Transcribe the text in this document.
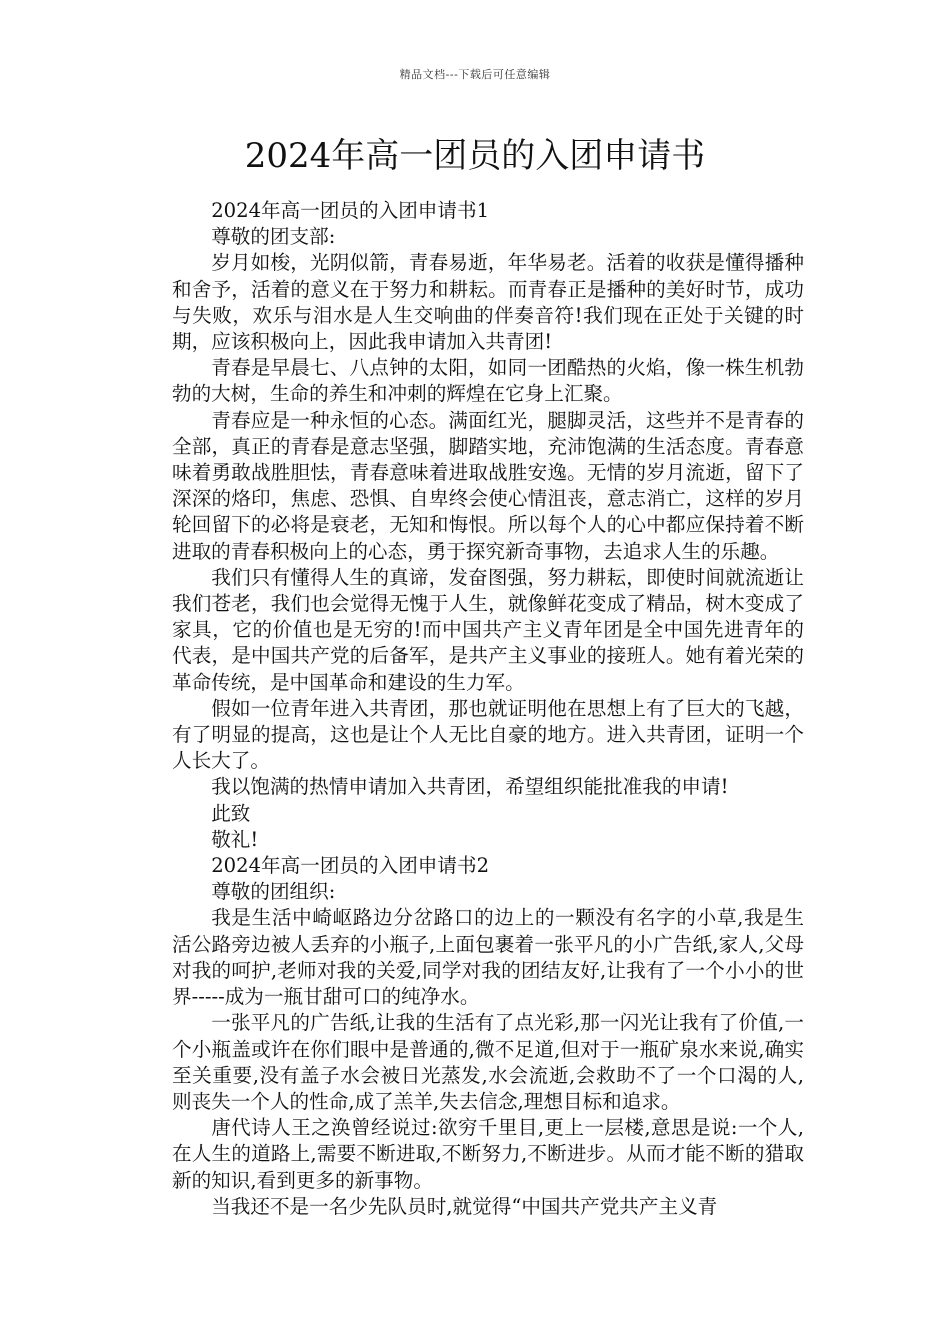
精品文档---下载后可任意编辑
2024年高一团员的入团申请书

2024年高一团员的入团申请书1

尊敬的团支部:

岁月如梭，光阴似箭，青春易逝，年华易老。活着的收获是懂得播种和舍予，活着的意义在于努力和耕耘。而青春正是播种的美好时节，成功与失败，欢乐与泪水是人生交响曲的伴奏音符!我们现在正处于关键的时期，应该积极向上，因此我申请加入共青团!

青春是早晨七、八点钟的太阳，如同一团酷热的火焰，像一株生机勃勃的大树，生命的养生和冲刺的辉煌在它身上汇聚。

青春应是一种永恒的心态。满面红光，腿脚灵活，这些并不是青春的全部，真正的青春是意志坚强，脚踏实地，充沛饱满的生活态度。青春意味着勇敢战胜胆怯，青春意味着进取战胜安逸。无情的岁月流逝，留下了深深的烙印，焦虑、恐惧、自卑终会使心情沮丧，意志消亡，这样的岁月轮回留下的必将是衰老，无知和悔恨。所以每个人的心中都应保持着不断进取的青春积极向上的心态，勇于探究新奇事物，去追求人生的乐趣。

我们只有懂得人生的真谛，发奋图强，努力耕耘，即使时间就流逝让我们苍老，我们也会觉得无愧于人生，就像鲜花变成了精品，树木变成了家具，它的价值也是无穷的!而中国共产主义青年团是全中国先进青年的代表，是中国共产党的后备军，是共产主义事业的接班人。她有着光荣的革命传统，是中国革命和建设的生力军。

假如一位青年进入共青团，那也就证明他在思想上有了巨大的飞越，有了明显的提高，这也是让个人无比自豪的地方。进入共青团，证明一个人长大了。

我以饱满的热情申请加入共青团，希望组织能批准我的申请!

此致

敬礼!

2024年高一团员的入团申请书2

尊敬的团组织:

我是生活中崎岖路边分岔路口的边上的一颗没有名字的小草,我是生活公路旁边被人丢弃的小瓶子,上面包裹着一张平凡的小广告纸,家人,父母对我的呵护,老师对我的关爱,同学对我的团结友好,让我有了一个小小的世界-----成为一瓶甘甜可口的纯净水。

一张平凡的广告纸,让我的生活有了点光彩,那一闪光让我有了价值,一个小瓶盖或许在你们眼中是普通的,微不足道,但对于一瓶矿泉水来说,确实至关重要,没有盖子水会被日光蒸发,水会流逝,会救助不了一个口渴的人,则丧失一个人的性命,成了羔羊,失去信念,理想目标和追求。

唐代诗人王之涣曾经说过:欲穷千里目,更上一层楼,意思是说:一个人,在人生的道路上,需要不断进取,不断努力,不断进步。从而才能不断的猎取新的知识,看到更多的新事物。

当我还不是一名少先队员时,就觉得“中国共产党共产主义青
